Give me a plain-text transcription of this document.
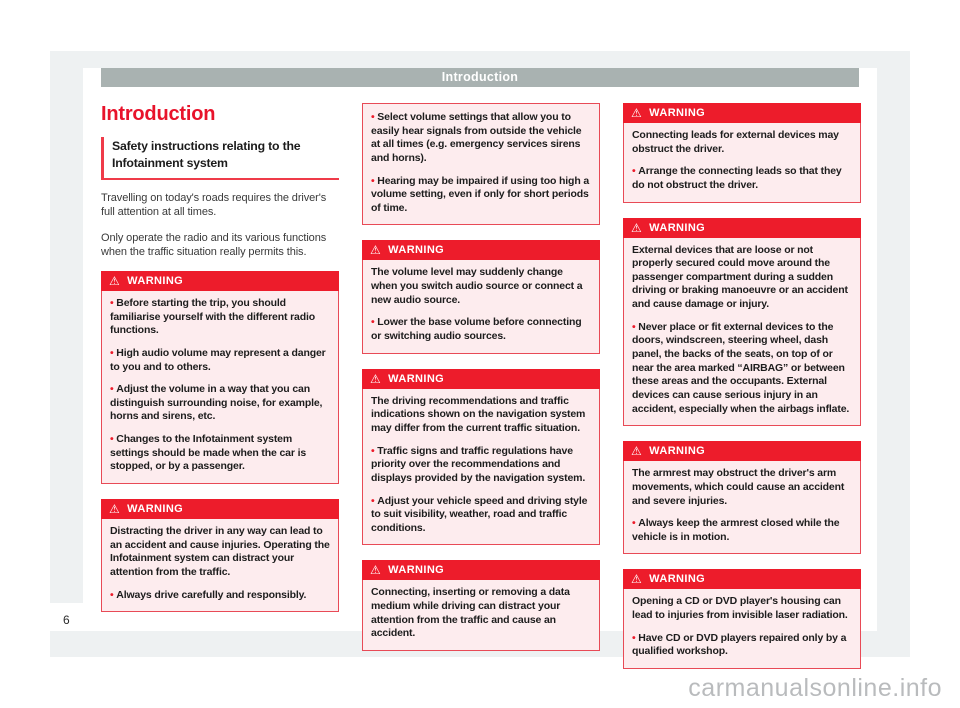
Introduction
Introduction
Safety instructions relating to the Infotainment system

Travelling on today's roads requires the driver's full attention at all times.

Only operate the radio and its various functions when the traffic situation really permits this.

⚠ WARNING

• Before starting the trip, you should familiarise yourself with the different radio functions.

• High audio volume may represent a danger to you and to others.

• Adjust the volume in a way that you can distinguish surrounding noise, for example, horns and sirens, etc.

• Changes to the Infotainment system settings should be made when the car is stopped, or by a passenger.

⚠ WARNING

Distracting the driver in any way can lead to an accident and cause injuries. Operating the Infotainment system can distract your attention from the traffic.

• Always drive carefully and responsibly.

• Select volume settings that allow you to easily hear signals from outside the vehicle at all times (e.g. emergency services sirens and horns).

• Hearing may be impaired if using too high a volume setting, even if only for short periods of time.

⚠ WARNING

The volume level may suddenly change when you switch audio source or connect a new audio source.

• Lower the base volume before connecting or switching audio sources.

⚠ WARNING

The driving recommendations and traffic indications shown on the navigation system may differ from the current traffic situation.

• Traffic signs and traffic regulations have priority over the recommendations and displays provided by the navigation system.

• Adjust your vehicle speed and driving style to suit visibility, weather, road and traffic conditions.

⚠ WARNING

Connecting, inserting or removing a data medium while driving can distract your attention from the traffic and cause an accident.

⚠ WARNING

Connecting leads for external devices may obstruct the driver.

• Arrange the connecting leads so that they do not obstruct the driver.

⚠ WARNING

External devices that are loose or not properly secured could move around the passenger compartment during a sudden driving or braking manoeuvre or an accident and cause damage or injury.

• Never place or fit external devices to the doors, windscreen, steering wheel, dash panel, the backs of the seats, on top of or near the area marked “AIRBAG” or between these areas and the occupants. External devices can cause serious injury in an accident, especially when the airbags inflate.

⚠ WARNING

The armrest may obstruct the driver's arm movements, which could cause an accident and severe injuries.

• Always keep the armrest closed while the vehicle is in motion.

⚠ WARNING

Opening a CD or DVD player's housing can lead to injuries from invisible laser radiation.

• Have CD or DVD players repaired only by a qualified workshop.

6
carmanualsonline.info
